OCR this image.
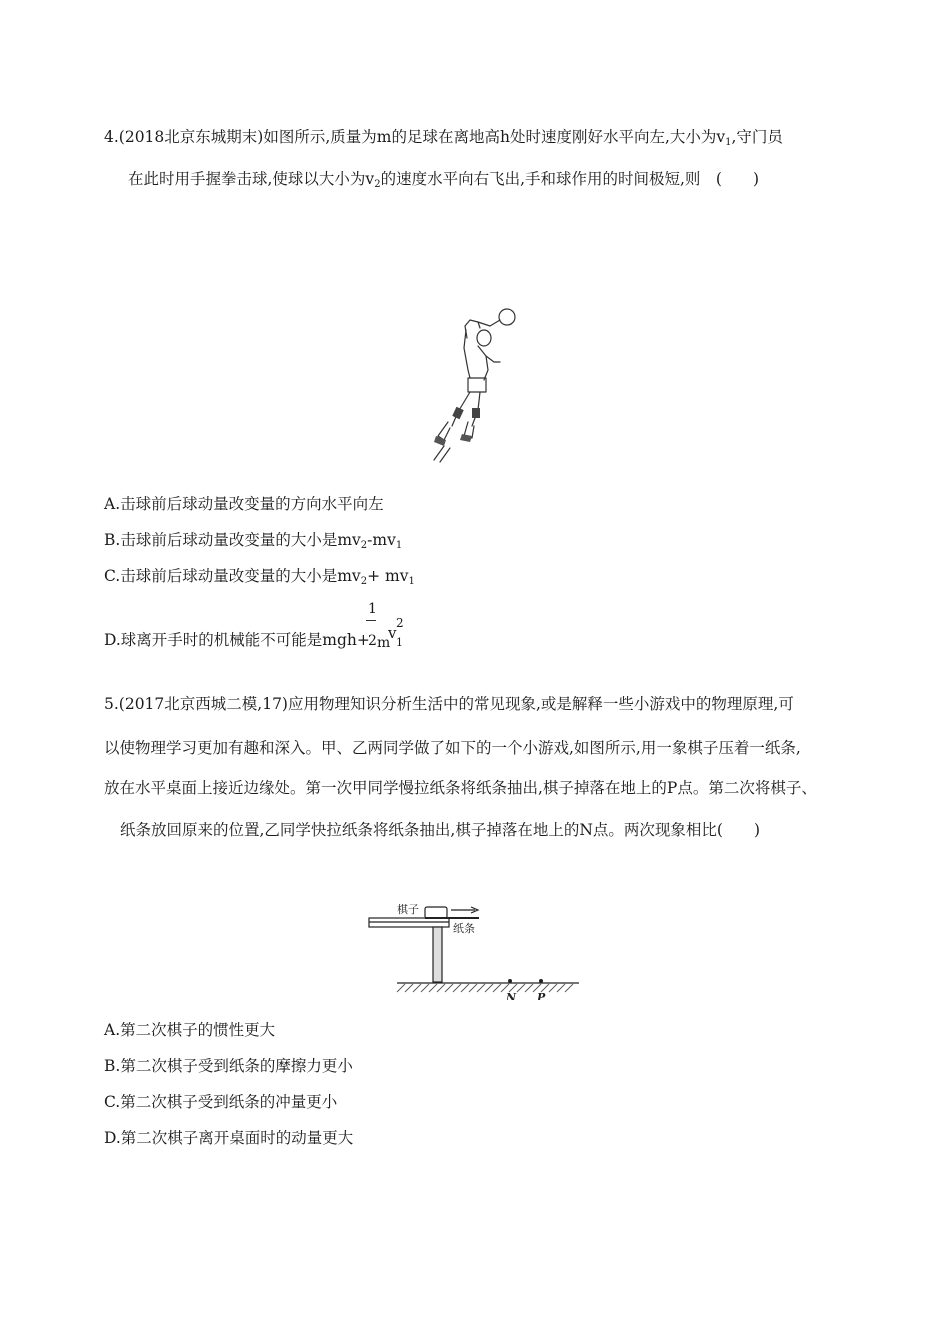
4.(2018北京东城期末)如图所示,质量为m的足球在离地高h处时速度刚好水平向左,大小为$v_1$,守门员
在此时用手握拳击球,使球以大小为$v_2$的速度水平向右飞出,手和球作用的时间极短,则　(　　)
A.击球前后球动量改变量的方向水平向左
B.击球前后球动量改变量的大小是$mv_2-mv_1$
C.击球前后球动量改变量的大小是$mv_2+ mv_1$
D.球离开手时的机械能不可能是mgh+
1
2 m
v
2
1
5.(2017北京西城二模,17)应用物理知识分析生活中的常见现象,或是解释一些小游戏中的物理原理,可
以使物理学习更加有趣和深入。甲、乙两同学做了如下的一个小游戏,如图所示,用一象棋子压着一纸条,
放在水平桌面上接近边缘处。第一次甲同学慢拉纸条将纸条抽出,棋子掉落在地上的P点。第二次将棋子、
纸条放回原来的位置,乙同学快拉纸条将纸条抽出,棋子掉落在地上的N点。两次现象相比(　　)
棋子
纸条
N P
A.第二次棋子的惯性更大
B.第二次棋子受到纸条的摩擦力更小
C.第二次棋子受到纸条的冲量更小
D.第二次棋子离开桌面时的动量更大
